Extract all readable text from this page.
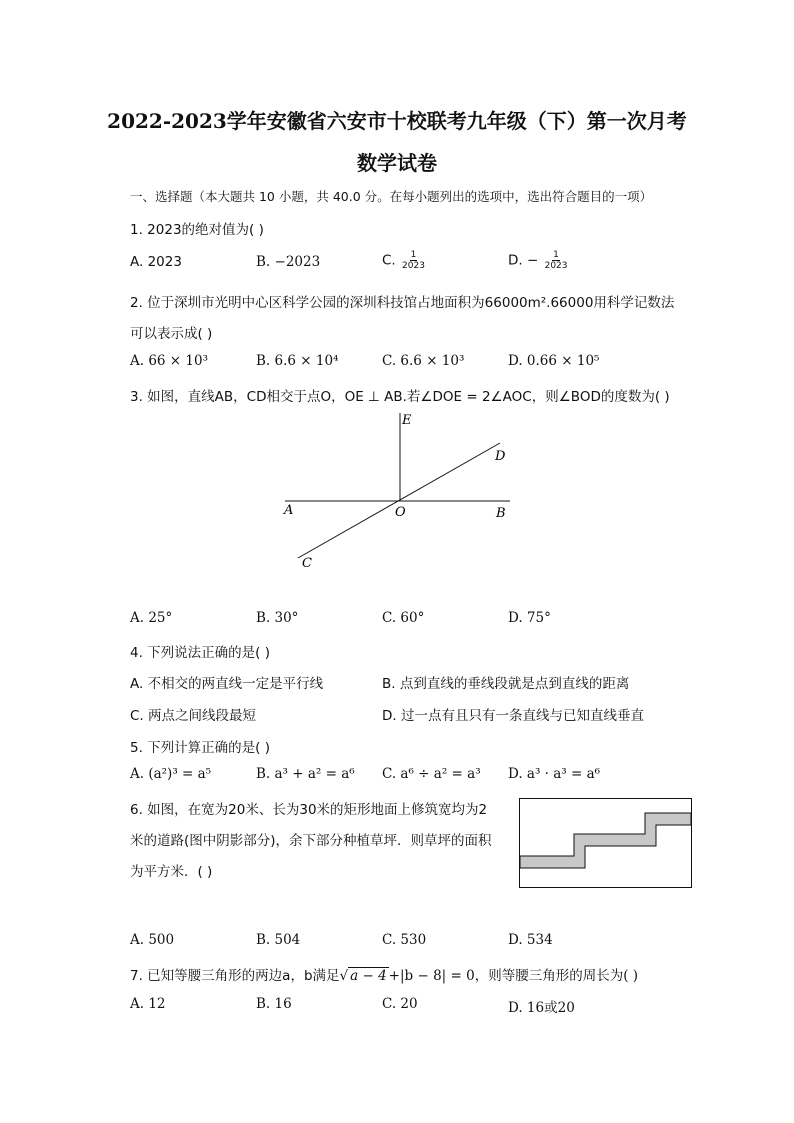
2022-2023学年安徽省六安市十校联考九年级（下）第一次月考
数学试卷
一、选择题（本大题共 10 小题，共 40.0 分。在每小题列出的选项中，选出符合题目的一项）
1. 2023的绝对值为( )
A. 2023	B. −2023	C. $\frac{1}{2023}$	D. − $\frac{1}{2023}$
2. 位于深圳市光明中心区科学公园的深圳科技馆占地面积为66000m².66000用科学记数法
可以表示成( )
A. 66 × 10³	B. 6.6 × 10⁴	C. 6.6 × 10³	D. 0.66 × 10⁵
3. 如图，直线AB，CD相交于点O，OE ⊥ AB.若∠DOE = 2∠AOC，则∠BOD的度数为( )
E
D
A	O	B
C
A. 25°	B. 30°	C. 60°	D. 75°
4. 下列说法正确的是( )
A. 不相交的两直线一定是平行线	B. 点到直线的垂线段就是点到直线的距离
C. 两点之间线段最短	D. 过一点有且只有一条直线与已知直线垂直
5. 下列计算正确的是( )
A. (a²)³ = a⁵	B. a³ + a² = a⁶ C. a⁶ ÷ a² = a³ D. a³ · a³ = a⁶
6. 如图，在宽为20米、长为30米的矩形地面上修筑宽均为2
米的道路(图中阴影部分)，余下部分种植草坪．则草坪的面积
为平方米．( )
A. 500	B. 504	C. 530	D. 534
7. 已知等腰三角形的两边a，b满足√ a − 4 +|b − 8| = 0，则等腰三角形的周长为( )
A. 12	B. 16	C. 20	D. 16或20
